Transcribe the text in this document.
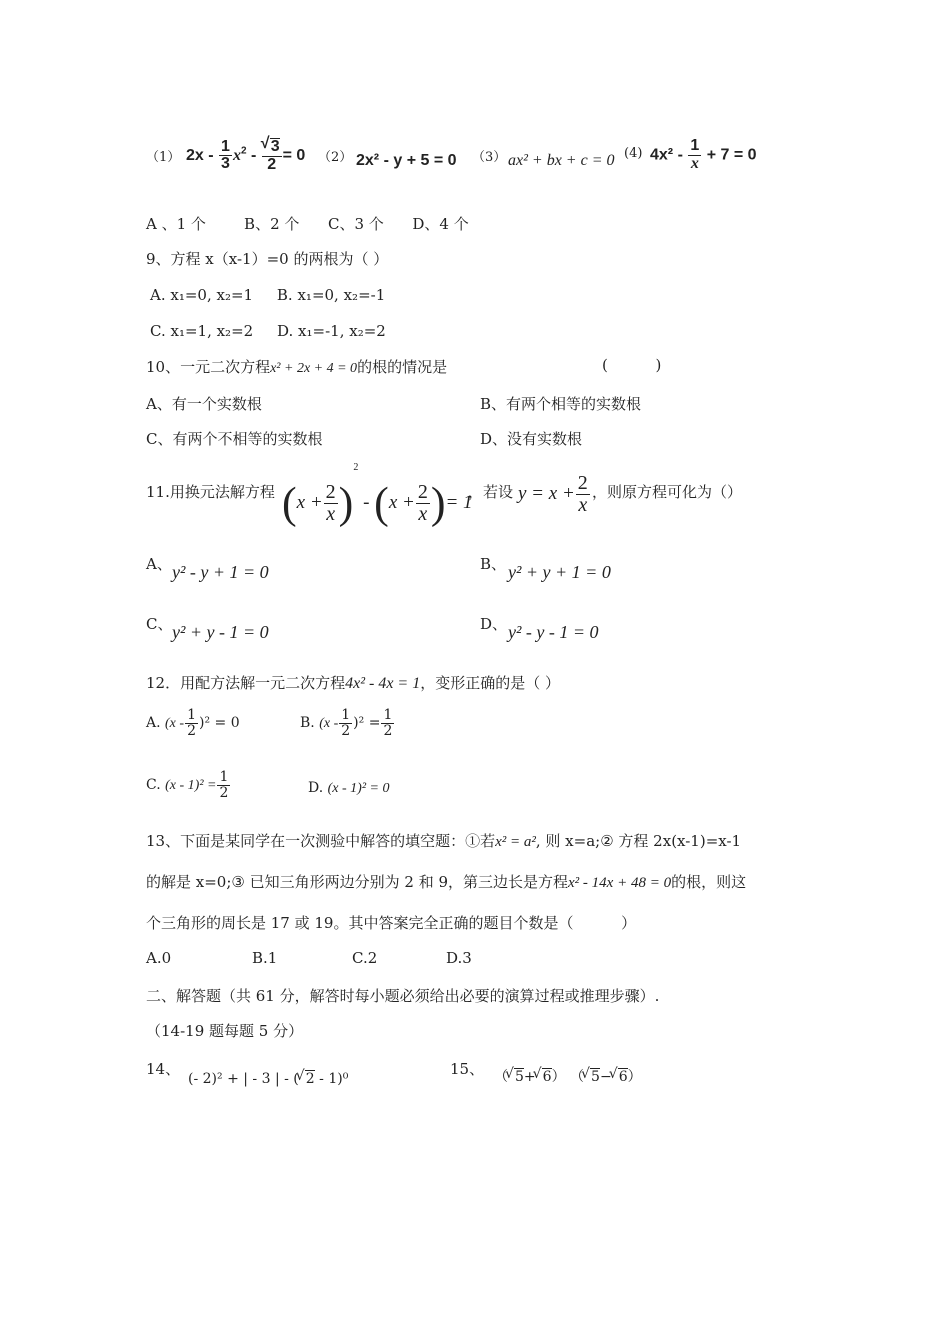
（1） $2x - \frac{1}{3} x^2$ - √ $\frac{3}{2} = 0$ （2） 2x² - y + 5 = 0 （3） ax² + bx + c = 0 (4) $4x^2 - \frac{1}{x} + 7 = 0$
A 、1 个        B、2 个      C、3 个      D、4 个
9、方程 x（x-1）=0 的两根为（ ）
A. x₁=0, x₂=1     B. x₁=0, x₂=-1
C. x₁=1, x₂=2     D. x₁=-1, x₂=2
10、一元二次方程x² + 2x + 4 = 0的根的情况是	(          )
A、有一个实数根	B、有两个相等的实数根
C、有两个不相等的实数根	D、没有实数根
11.用换元法解方程 $(x + \frac{2}{x} )^2 - (x + \frac{2}{x}$ )= 1
，若设 $y = x + \frac{2}{x}$ ，则原方程可化为（）
A、 y² - y + 1 = 0	B、 y² + y + 1 = 0
C、 y² + y - 1 = 0	D、 y² - y - 1 = 0
12．用配方法解一元二次方程4x² - 4x = 1，变形正确的是（ ）
A. $(x - \frac{1}{2} )^2 = 0$	B. $(x - \frac{1}{2} )^2 = \frac{1}{2}$
C. $(x - 1)^2 = \frac{1}{2}$	D. (x - 1)² = 0
13、下面是某同学在一次测验中解答的填空题：①若x² = a², 则 x=a;② 方程 2x(x-1)=x-1
的解是 x=0;③ 已知三角形两边分别为 2 和 9，第三边长是方程x² - 14x + 48 = 0的根，则这
个三角形的周长是 17 或 19。其中答案完全正确的题目个数是（          ）
A.0	B.1	C.2	D.3
二、解答题（共 61 分，解答时每小题必须给出必要的演算过程或推理步骤）.
（14-19 题每题 5 分）
14、
(- 2)² + | - 3 | - ( √ 2 - 1)⁰
15、 （ √ 5+ √ 6） （ √ 5− √ 6）
